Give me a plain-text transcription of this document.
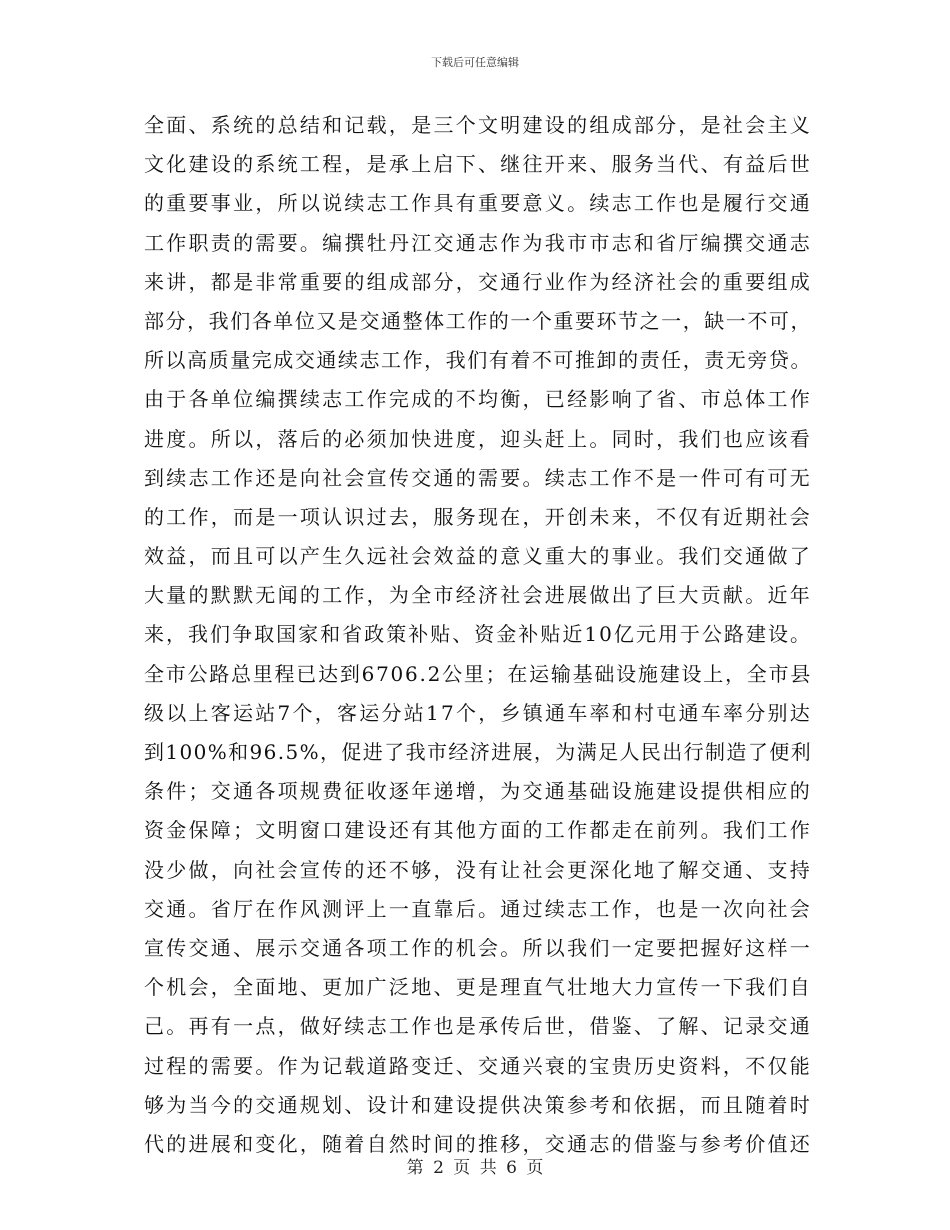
下载后可任意编辑
全面、系统的总结和记载，是三个文明建设的组成部分，是社会主义
文化建设的系统工程，是承上启下、继往开来、服务当代、有益后世
的重要事业，所以说续志工作具有重要意义。续志工作也是履行交通
工作职责的需要。编撰牡丹江交通志作为我市市志和省厅编撰交通志
来讲，都是非常重要的组成部分，交通行业作为经济社会的重要组成
部分，我们各单位又是交通整体工作的一个重要环节之一，缺一不可，
所以高质量完成交通续志工作，我们有着不可推卸的责任，责无旁贷。
由于各单位编撰续志工作完成的不均衡，已经影响了省、市总体工作
进度。所以，落后的必须加快进度，迎头赶上。同时，我们也应该看
到续志工作还是向社会宣传交通的需要。续志工作不是一件可有可无
的工作，而是一项认识过去，服务现在，开创未来，不仅有近期社会
效益，而且可以产生久远社会效益的意义重大的事业。我们交通做了
大量的默默无闻的工作，为全市经济社会进展做出了巨大贡献。近年
来，我们争取国家和省政策补贴、资金补贴近10亿元用于公路建设。
全市公路总里程已达到6706.2公里；在运输基础设施建设上，全市县
级以上客运站7个，客运分站17个，乡镇通车率和村屯通车率分别达
到100%和96.5%，促进了我市经济进展，为满足人民出行制造了便利
条件；交通各项规费征收逐年递增，为交通基础设施建设提供相应的
资金保障；文明窗口建设还有其他方面的工作都走在前列。我们工作
没少做，向社会宣传的还不够，没有让社会更深化地了解交通、支持
交通。省厅在作风测评上一直靠后。通过续志工作，也是一次向社会
宣传交通、展示交通各项工作的机会。所以我们一定要把握好这样一
个机会，全面地、更加广泛地、更是理直气壮地大力宣传一下我们自
己。再有一点，做好续志工作也是承传后世，借鉴、了解、记录交通
过程的需要。作为记载道路变迁、交通兴衰的宝贵历史资料，不仅能
够为当今的交通规划、设计和建设提供决策参考和依据，而且随着时
代的进展和变化，随着自然时间的推移，交通志的借鉴与参考价值还
第 2 页 共 6 页
